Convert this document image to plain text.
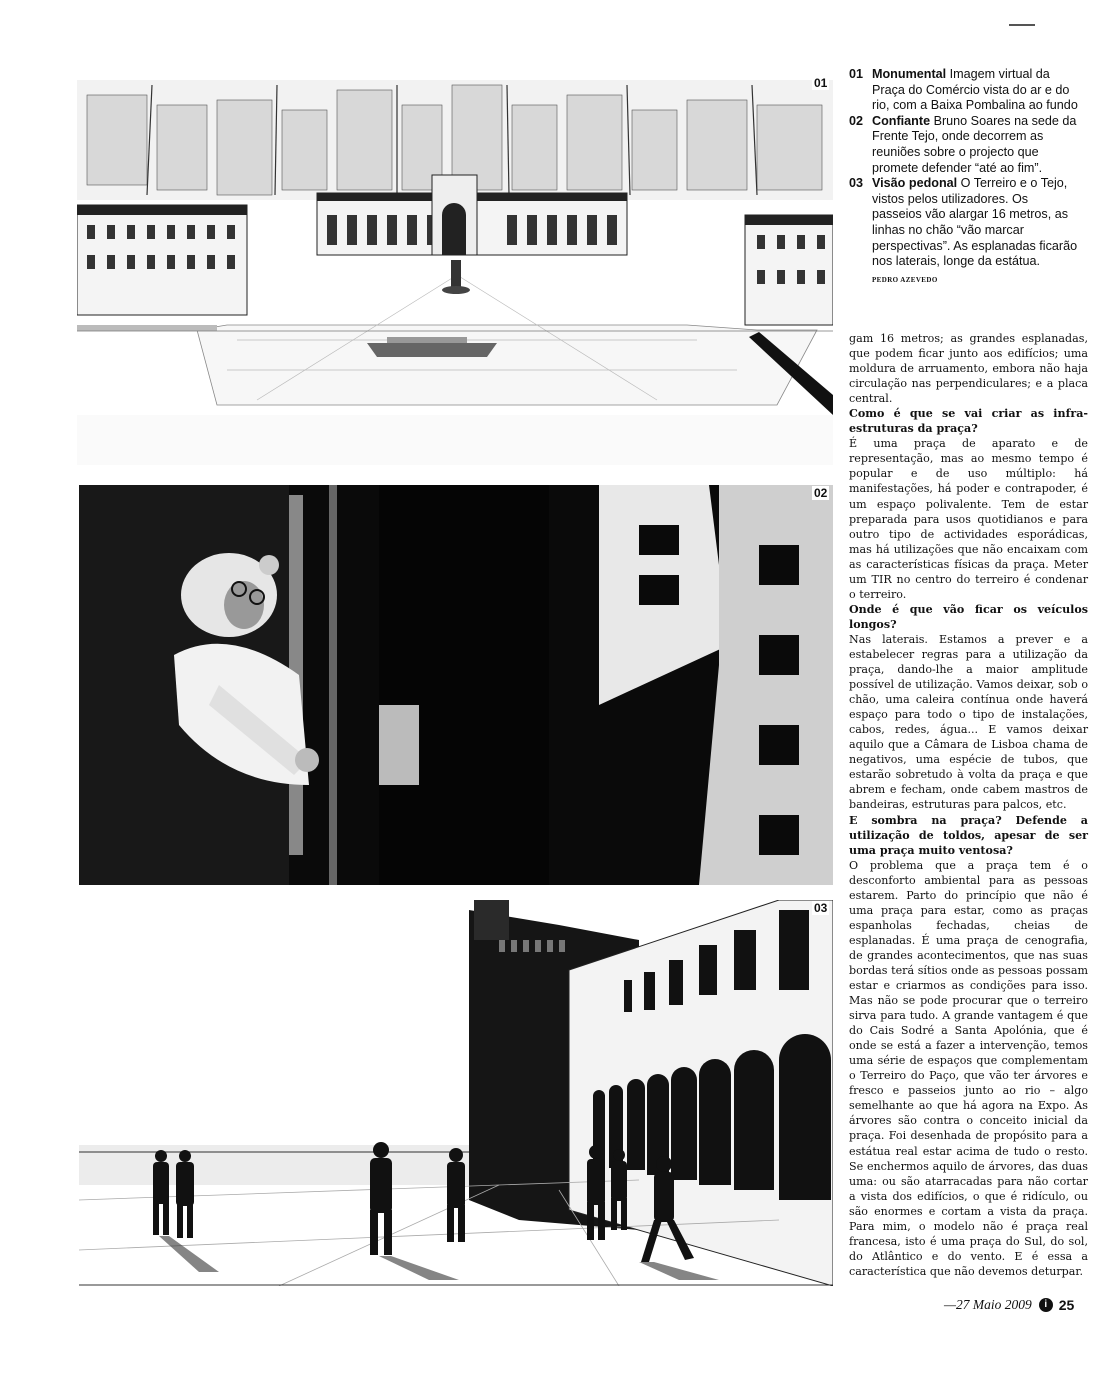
01
02
03

01 Monumental Imagem virtual da Praça do Comércio vista do ar e do rio, com a Baixa Pombalina ao fundo

02 Confiante Bruno Soares na sede da Frente Tejo, onde decorrem as reuniões sobre o projecto que promete defender “até ao fim”.

03 Visão pedonal O Terreiro e o Tejo, vistos pelos utilizadores. Os passeios vão alargar 16 metros, as linhas no chão “vão marcar perspectivas”. As esplanadas ficarão nos laterais, longe da estátua.

PEDRO AZEVEDO

gam 16 metros; as grandes esplanadas, que podem ficar junto aos edifícios; uma moldura de arruamento, embora não haja circulação nas perpendiculares; e a placa central.

Como é que se vai criar as infra-estruturas da praça?

É uma praça de aparato e de representação, mas ao mesmo tempo é popular e de uso múltiplo: há manifestações, há poder e contrapoder, é um espaço polivalente. Tem de estar preparada para usos quotidianos e para outro tipo de actividades esporádicas, mas há utilizações que não encaixam com as características físicas da praça. Meter um TIR no centro do terreiro é condenar o terreiro.

Onde é que vão ficar os veículos longos?

Nas laterais. Estamos a prever e a estabelecer regras para a utilização da praça, dando-lhe a maior amplitude possível de utilização. Vamos deixar, sob o chão, uma caleira contínua onde haverá espaço para todo o tipo de instalações, cabos, redes, água... E vamos deixar aquilo que a Câmara de Lisboa chama de negativos, uma espécie de tubos, que estarão sobretudo à volta da praça e que abrem e fecham, onde cabem mastros de bandeiras, estruturas para palcos, etc.

E sombra na praça? Defende a utilização de toldos, apesar de ser uma praça muito ventosa?

O problema que a praça tem é o desconforto ambiental para as pessoas estarem. Parto do princípio que não é uma praça para estar, como as praças espanholas fechadas, cheias de esplanadas. É uma praça de cenografia, de grandes acontecimentos, que nas suas bordas terá sítios onde as pessoas possam estar e criarmos as condições para isso. Mas não se pode procurar que o terreiro sirva para tudo. A grande vantagem é que do Cais Sodré a Santa Apolónia, que é onde se está a fazer a intervenção, temos uma série de espaços que complementam o Terreiro do Paço, que vão ter árvores e fresco e passeios junto ao rio – algo semelhante ao que há agora na Expo. As árvores são contra o conceito inicial da praça. Foi desenhada de propósito para a estátua real estar acima de tudo o resto. Se enchermos aquilo de árvores, das duas uma: ou são atarracadas para não cortar a vista dos edifícios, o que é ridículo, ou são enormes e cortam a vista da praça. Para mim, o modelo não é praça real francesa, isto é uma praça do Sul, do sol, do Atlântico e do vento. E é essa a característica que não devemos deturpar.

—27 Maio 2009	i 25
